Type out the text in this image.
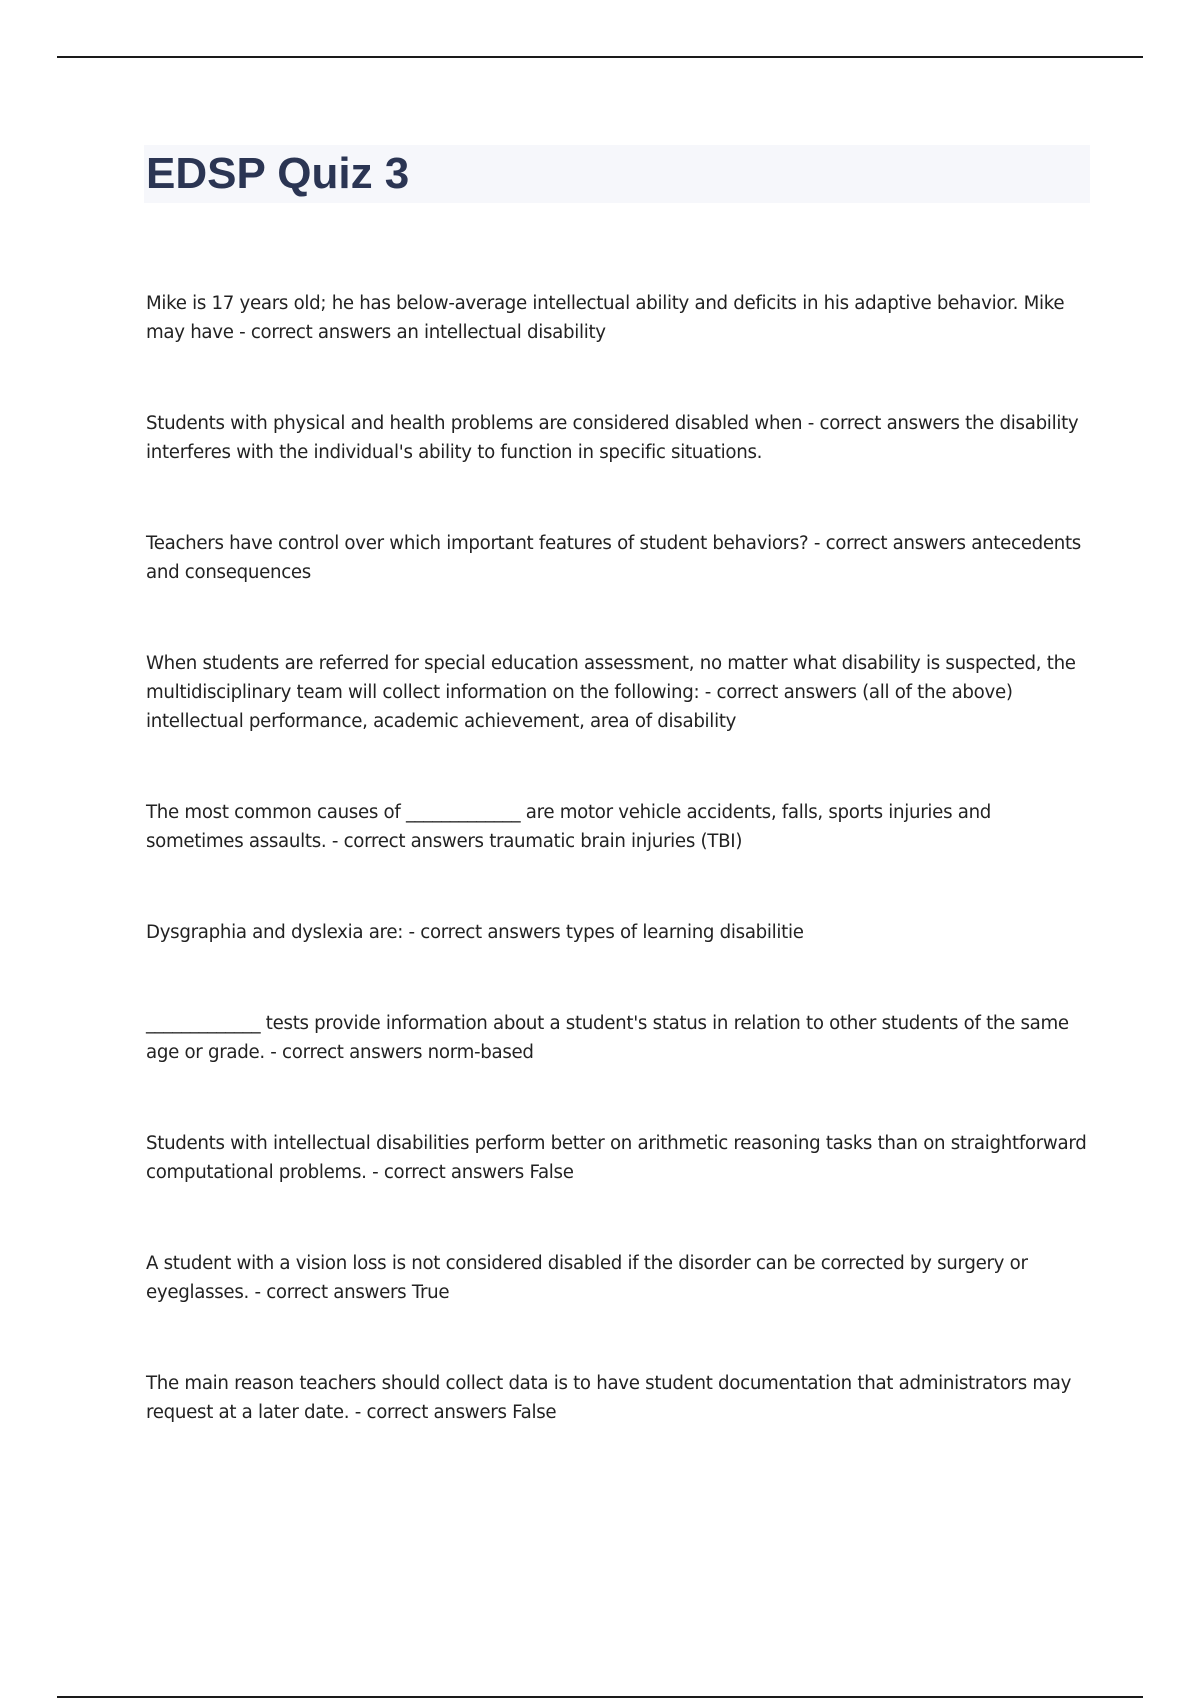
EDSP Quiz 3

Mike is 17 years old; he has below-average intellectual ability and deficits in his adaptive behavior. Mike may have - correct answers an intellectual disability

Students with physical and health problems are considered disabled when - correct answers the disability interferes with the individual's ability to function in specific situations.

Teachers have control over which important features of student behaviors? - correct answers antecedents and consequences

When students are referred for special education assessment, no matter what disability is suspected, the multidisciplinary team will collect information on the following: - correct answers (all of the above) intellectual performance, academic achievement, area of disability

The most common causes of _____________ are motor vehicle accidents, falls, sports injuries and sometimes assaults. - correct answers traumatic brain injuries (TBI)

Dysgraphia and dyslexia are: - correct answers types of learning disabilitie

_____________ tests provide information about a student's status in relation to other students of the same age or grade. - correct answers norm-based

Students with intellectual disabilities perform better on arithmetic reasoning tasks than on straightforward computational problems. - correct answers False

A student with a vision loss is not considered disabled if the disorder can be corrected by surgery or eyeglasses. - correct answers True

The main reason teachers should collect data is to have student documentation that administrators may request at a later date. - correct answers False
